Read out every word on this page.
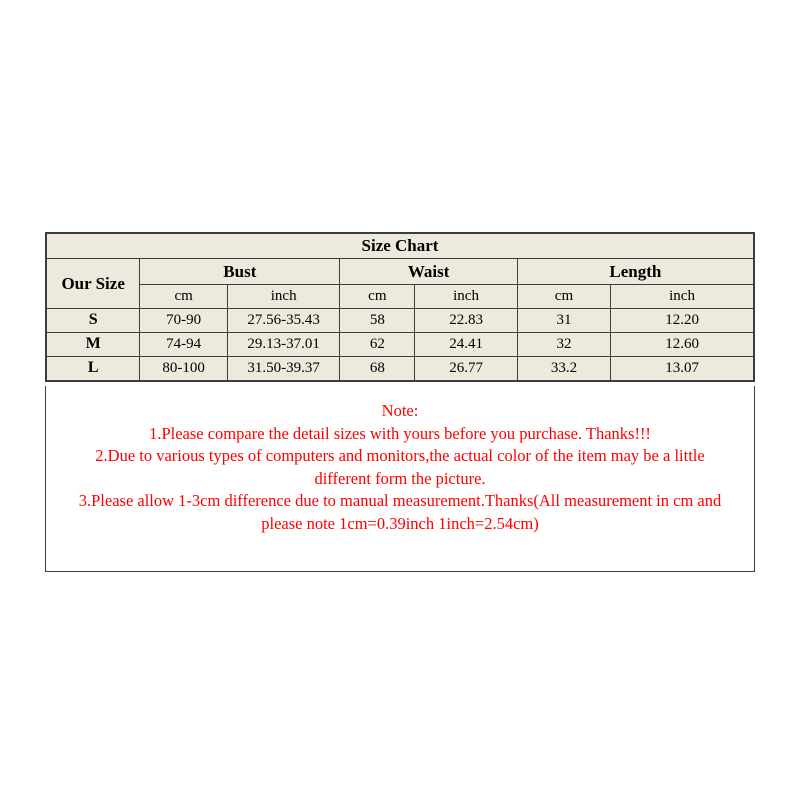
Size Chart						
Our Size	Bust		Waist		Length	
	cm	inch	cm	inch	cm	inch
S	70-90	27.56-35.43	58	22.83	31	12.20
M	74-94	29.13-37.01	62	24.41	32	12.60
L	80-100	31.50-39.37	68	26.77	33.2	13.07
Note:
1.Please compare the detail sizes with yours before you purchase. Thanks!!!
2.Due to various types of computers and monitors,the actual color of the item may be a little
different form the picture.
3.Please allow 1-3cm difference due to manual measurement.Thanks(All measurement in cm and
please note 1cm=0.39inch 1inch=2.54cm)
